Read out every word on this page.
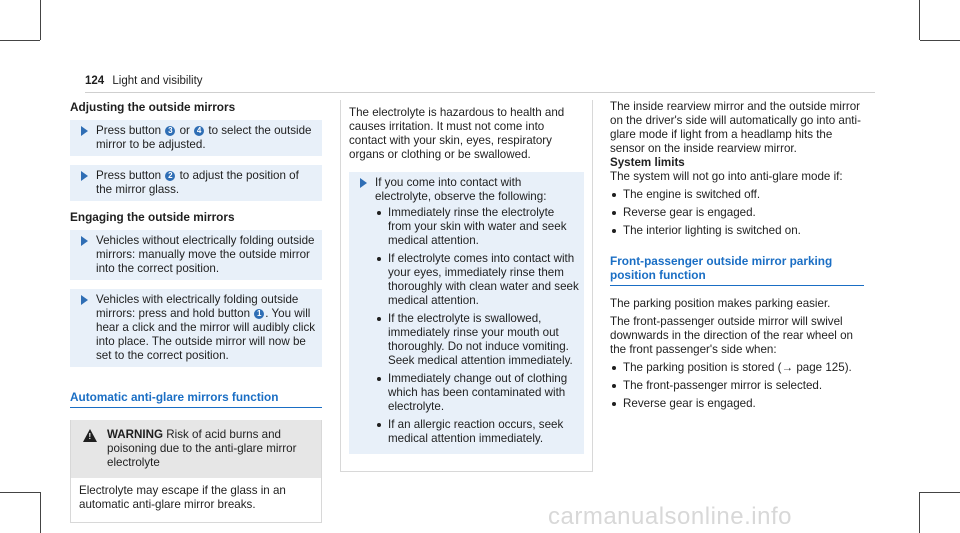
124 Light and visibility

Adjusting the outside mirrors

Press button 3 or 4 to select the outside mirror to be adjusted.
Press button 2 to adjust the position of the mirror glass.

Engaging the outside mirrors

Vehicles without electrically folding outside mirrors: manually move the outside mirror into the correct position.
Vehicles with electrically folding outside mirrors: press and hold button 1 . You will hear a click and the mirror will audibly click into place. The outside mirror will now be set to the correct position.

Automatic anti-glare mirrors function

! WARNING Risk of acid burns and poisoning due to the anti-glare mirror electrolyte
Electrolyte may escape if the glass in an automatic anti-glare mirror breaks.

The electrolyte is hazardous to health and causes irritation. It must not come into contact with your skin, eyes, respiratory organs or clothing or be swallowed.

If you come into contact with electrolyte, observe the following:

Immediately rinse the electrolyte from your skin with water and seek medical attention.
If electrolyte comes into contact with your eyes, immediately rinse them thoroughly with clean water and seek medical attention.
If the electrolyte is swallowed, immediately rinse your mouth out thoroughly. Do not induce vomiting. Seek medical attention immediately.
Immediately change out of clothing which has been contaminated with electrolyte.
If an allergic reaction occurs, seek medical attention immediately.

The inside rearview mirror and the outside mirror on the driver's side will automatically go into anti-glare mode if light from a headlamp hits the sensor on the inside rearview mirror.

System limits

The system will not go into anti-glare mode if:

The engine is switched off.
Reverse gear is engaged.
The interior lighting is switched on.

Front-passenger outside mirror parking position function

The parking position makes parking easier.

The front-passenger outside mirror will swivel downwards in the direction of the rear wheel on the front passenger's side when:

The parking position is stored (→ page 125).
The front-passenger mirror is selected.
Reverse gear is engaged.
carmanualsonline.info
